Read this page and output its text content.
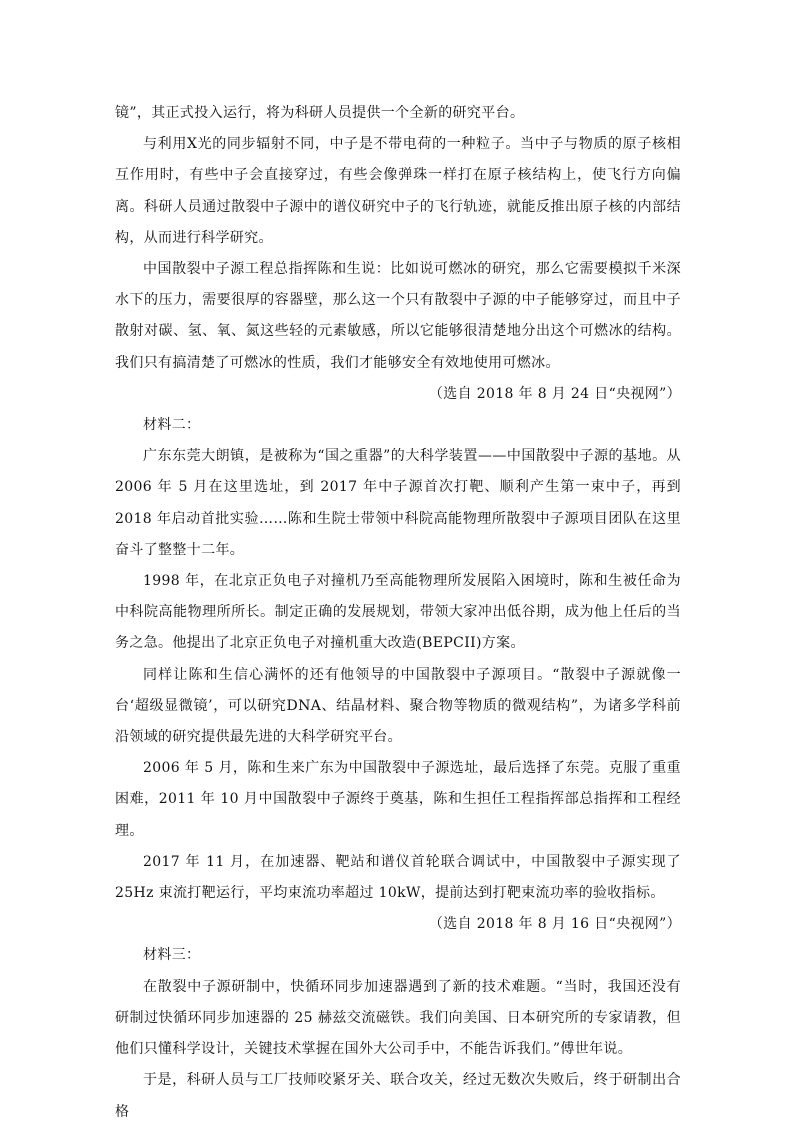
镜”，其正式投入运行，将为科研人员提供一个全新的研究平台。

与利用X光的同步辐射不同，中子是不带电荷的一种粒子。当中子与物质的原子核相互作用时，有些中子会直接穿过，有些会像弹珠一样打在原子核结构上，使飞行方向偏离。科研人员通过散裂中子源中的谱仪研究中子的飞行轨迹，就能反推出原子核的内部结构，从而进行科学研究。

中国散裂中子源工程总指挥陈和生说：比如说可燃冰的研究，那么它需要模拟千米深水下的压力，需要很厚的容器壁，那么这一个只有散裂中子源的中子能够穿过，而且中子散射对碳、氢、氧、氮这些轻的元素敏感，所以它能够很清楚地分出这个可燃冰的结构。我们只有搞清楚了可燃冰的性质，我们才能够安全有效地使用可燃冰。

（选自 2018 年 8 月 24 日“央视网”）

材料二：

广东东莞大朗镇，是被称为“国之重器”的大科学装置——中国散裂中子源的基地。从 2006 年 5 月在这里选址，到 2017 年中子源首次打靶、顺利产生第一束中子，再到 2018 年启动首批实验……陈和生院士带领中科院高能物理所散裂中子源项目团队在这里奋斗了整整十二年。

1998 年，在北京正负电子对撞机乃至高能物理所发展陷入困境时，陈和生被任命为中科院高能物理所所长。制定正确的发展规划，带领大家冲出低谷期，成为他上任后的当务之急。他提出了北京正负电子对撞机重大改造(BEPCII)方案。

同样让陈和生信心满怀的还有他领导的中国散裂中子源项目。“散裂中子源就像一台‘超级显微镜’，可以研究DNA、结晶材料、聚合物等物质的微观结构”，为诸多学科前沿领域的研究提供最先进的大科学研究平台。

2006 年 5 月，陈和生来广东为中国散裂中子源选址，最后选择了东莞。克服了重重困难，2011 年 10 月中国散裂中子源终于奠基，陈和生担任工程指挥部总指挥和工程经理。

2017 年 11 月，在加速器、靶站和谱仪首轮联合调试中，中国散裂中子源实现了 25Hz 束流打靶运行，平均束流功率超过 10kW，提前达到打靶束流功率的验收指标。

（选自 2018 年 8 月 16 日“央视网”）

材料三：

在散裂中子源研制中，快循环同步加速器遇到了新的技术难题。“当时，我国还没有研制过快循环同步加速器的 25 赫兹交流磁铁。我们向美国、日本研究所的专家请教，但他们只懂科学设计，关键技术掌握在国外大公司手中，不能告诉我们。”傅世年说。

于是，科研人员与工厂技师咬紧牙关、联合攻关，经过无数次失败后，终于研制出合格
